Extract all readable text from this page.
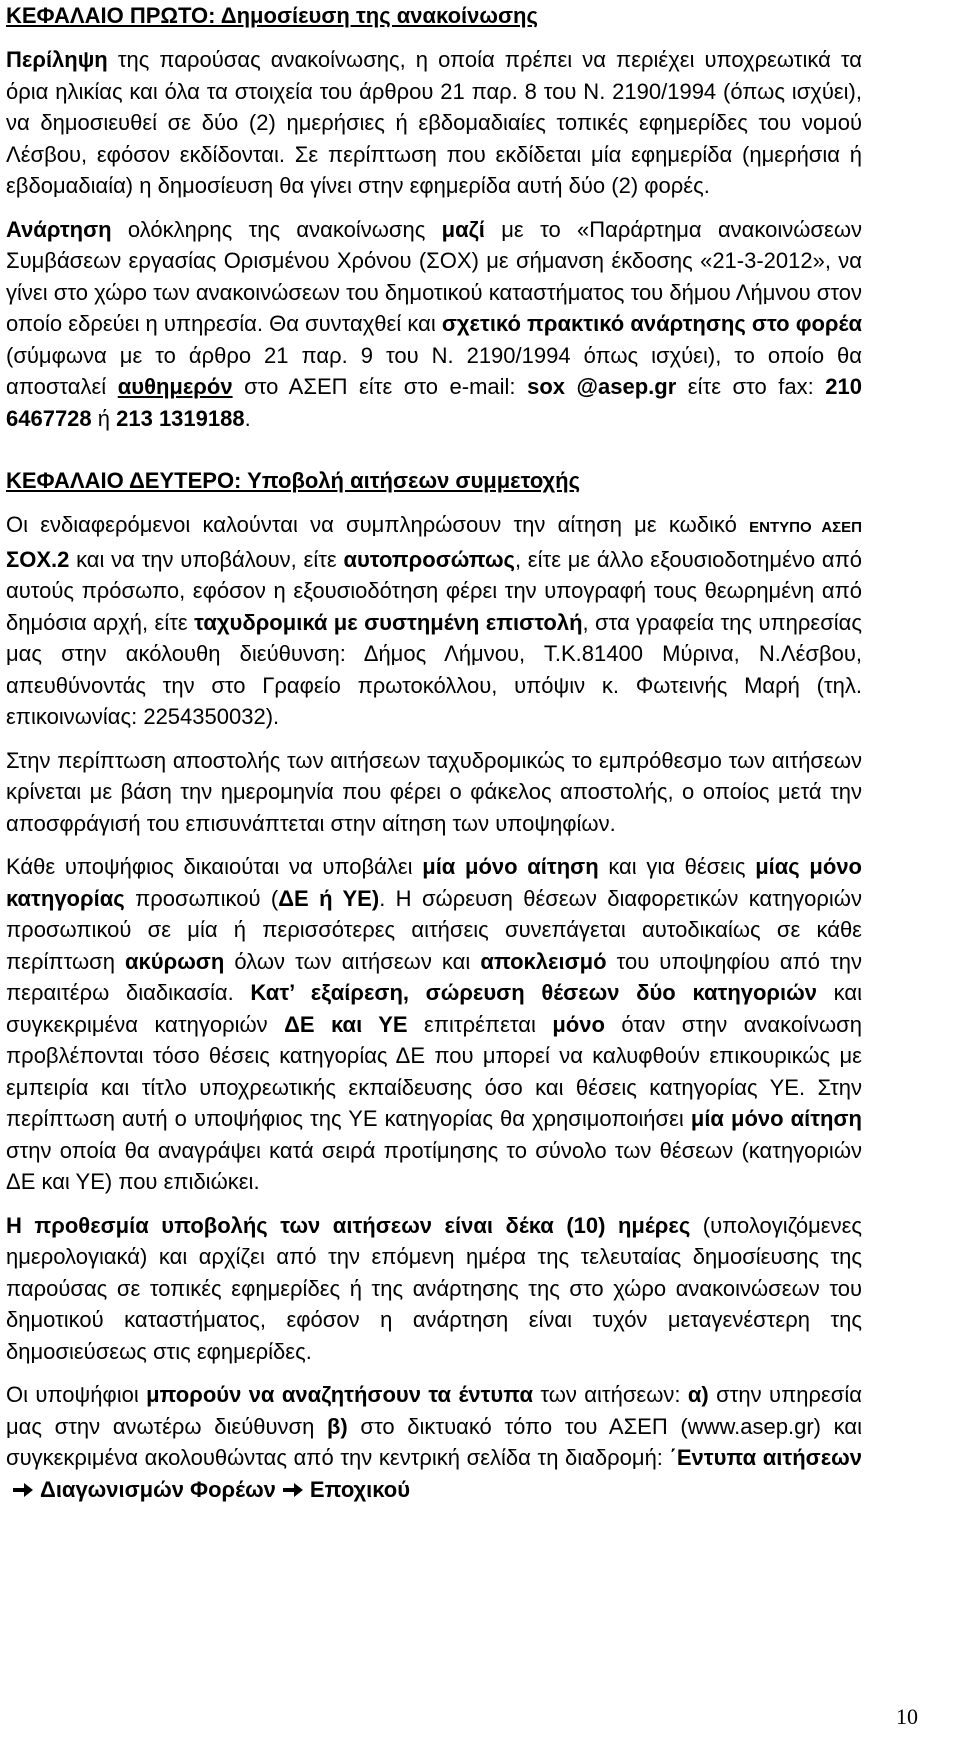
ΚΕΦΑΛΑΙΟ ΠΡΩΤΟ: Δημοσίευση της ανακοίνωσης

Περίληψη της παρούσας ανακοίνωσης, η οποία πρέπει να περιέχει υποχρεωτικά τα όρια ηλικίας και όλα τα στοιχεία του άρθρου 21 παρ. 8 του Ν. 2190/1994 (όπως ισχύει), να δημοσιευθεί σε δύο (2) ημερήσιες ή εβδομαδιαίες τοπικές εφημερίδες του νομού Λέσβου, εφόσον εκδίδονται. Σε περίπτωση που εκδίδεται μία εφημερίδα (ημερήσια ή εβδομαδιαία) η δημοσίευση θα γίνει στην εφημερίδα αυτή δύο (2) φορές.

Ανάρτηση ολόκληρης της ανακοίνωσης μαζί με το «Παράρτημα ανακοινώσεων Συμβάσεων εργασίας Ορισμένου Χρόνου (ΣΟΧ) με σήμανση έκδοσης «21-3-2012», να γίνει στο χώρο των ανακοινώσεων του δημοτικού καταστήματος του δήμου Λήμνου στον οποίο εδρεύει η υπηρεσία. Θα συνταχθεί και σχετικό πρακτικό ανάρτησης στο φορέα (σύμφωνα με το άρθρο 21 παρ. 9 του Ν. 2190/1994 όπως ισχύει), το οποίο θα αποσταλεί αυθημερόν στο ΑΣΕΠ είτε στο e-mail: sox @asep.gr είτε στο fax: 210 6467728 ή 213 1319188.

ΚΕΦΑΛΑΙΟ ΔΕΥΤΕΡΟ: Υποβολή αιτήσεων συμμετοχής

Οι ενδιαφερόμενοι καλούνται να συμπληρώσουν την αίτηση με κωδικό ΕΝΤΥΠΟ ΑΣΕΠ ΣΟΧ.2 και να την υποβάλουν, είτε αυτοπροσώπως, είτε με άλλο εξουσιοδοτημένο από αυτούς πρόσωπο, εφόσον η εξουσιοδότηση φέρει την υπογραφή τους θεωρημένη από δημόσια αρχή, είτε ταχυδρομικά με συστημένη επιστολή, στα γραφεία της υπηρεσίας μας στην ακόλουθη διεύθυνση: Δήμος Λήμνου, Τ.Κ.81400 Μύρινα, Ν.Λέσβου, απευθύνοντάς την στο Γραφείο πρωτοκόλλου, υπόψιν κ. Φωτεινής Μαρή (τηλ. επικοινωνίας: 2254350032).

Στην περίπτωση αποστολής των αιτήσεων ταχυδρομικώς το εμπρόθεσμο των αιτήσεων κρίνεται με βάση την ημερομηνία που φέρει ο φάκελος αποστολής, ο οποίος μετά την αποσφράγισή του επισυνάπτεται στην αίτηση των υποψηφίων.

Κάθε υποψήφιος δικαιούται να υποβάλει μία μόνο αίτηση και για θέσεις μίας μόνο κατηγορίας προσωπικού (ΔΕ ή ΥΕ). Η σώρευση θέσεων διαφορετικών κατηγοριών προσωπικού σε μία ή περισσότερες αιτήσεις συνεπάγεται αυτοδικαίως σε κάθε περίπτωση ακύρωση όλων των αιτήσεων και αποκλεισμό του υποψηφίου από την περαιτέρω διαδικασία. Κατ’ εξαίρεση, σώρευση θέσεων δύο κατηγοριών και συγκεκριμένα κατηγοριών ΔΕ και ΥΕ επιτρέπεται μόνο όταν στην ανακοίνωση προβλέπονται τόσο θέσεις κατηγορίας ΔΕ που μπορεί να καλυφθούν επικουρικώς με εμπειρία και τίτλο υποχρεωτικής εκπαίδευσης όσο και θέσεις κατηγορίας ΥΕ. Στην περίπτωση αυτή ο υποψήφιος της ΥΕ κατηγορίας θα χρησιμοποιήσει μία μόνο αίτηση στην οποία θα αναγράψει κατά σειρά προτίμησης το σύνολο των θέσεων (κατηγοριών ΔΕ και ΥΕ) που επιδιώκει.

Η προθεσμία υποβολής των αιτήσεων είναι δέκα (10) ημέρες (υπολογιζόμενες ημερολογιακά) και αρχίζει από την επόμενη ημέρα της τελευταίας δημοσίευσης της παρούσας σε τοπικές εφημερίδες ή της ανάρτησης της στο χώρο ανακοινώσεων του δημοτικού καταστήματος, εφόσον η ανάρτηση είναι τυχόν μεταγενέστερη της δημοσιεύσεως στις εφημερίδες.

Οι υποψήφιοι μπορούν να αναζητήσουν τα έντυπα των αιτήσεων: α) στην υπηρεσία μας στην ανωτέρω διεύθυνση β) στο δικτυακό τόπο του ΑΣΕΠ (www.asep.gr) και συγκεκριμένα ακολουθώντας από την κεντρική σελίδα τη διαδρομή: ΄Εντυπα αιτήσεωνΔιαγωνισμών Φορέων Εποχικού

10
